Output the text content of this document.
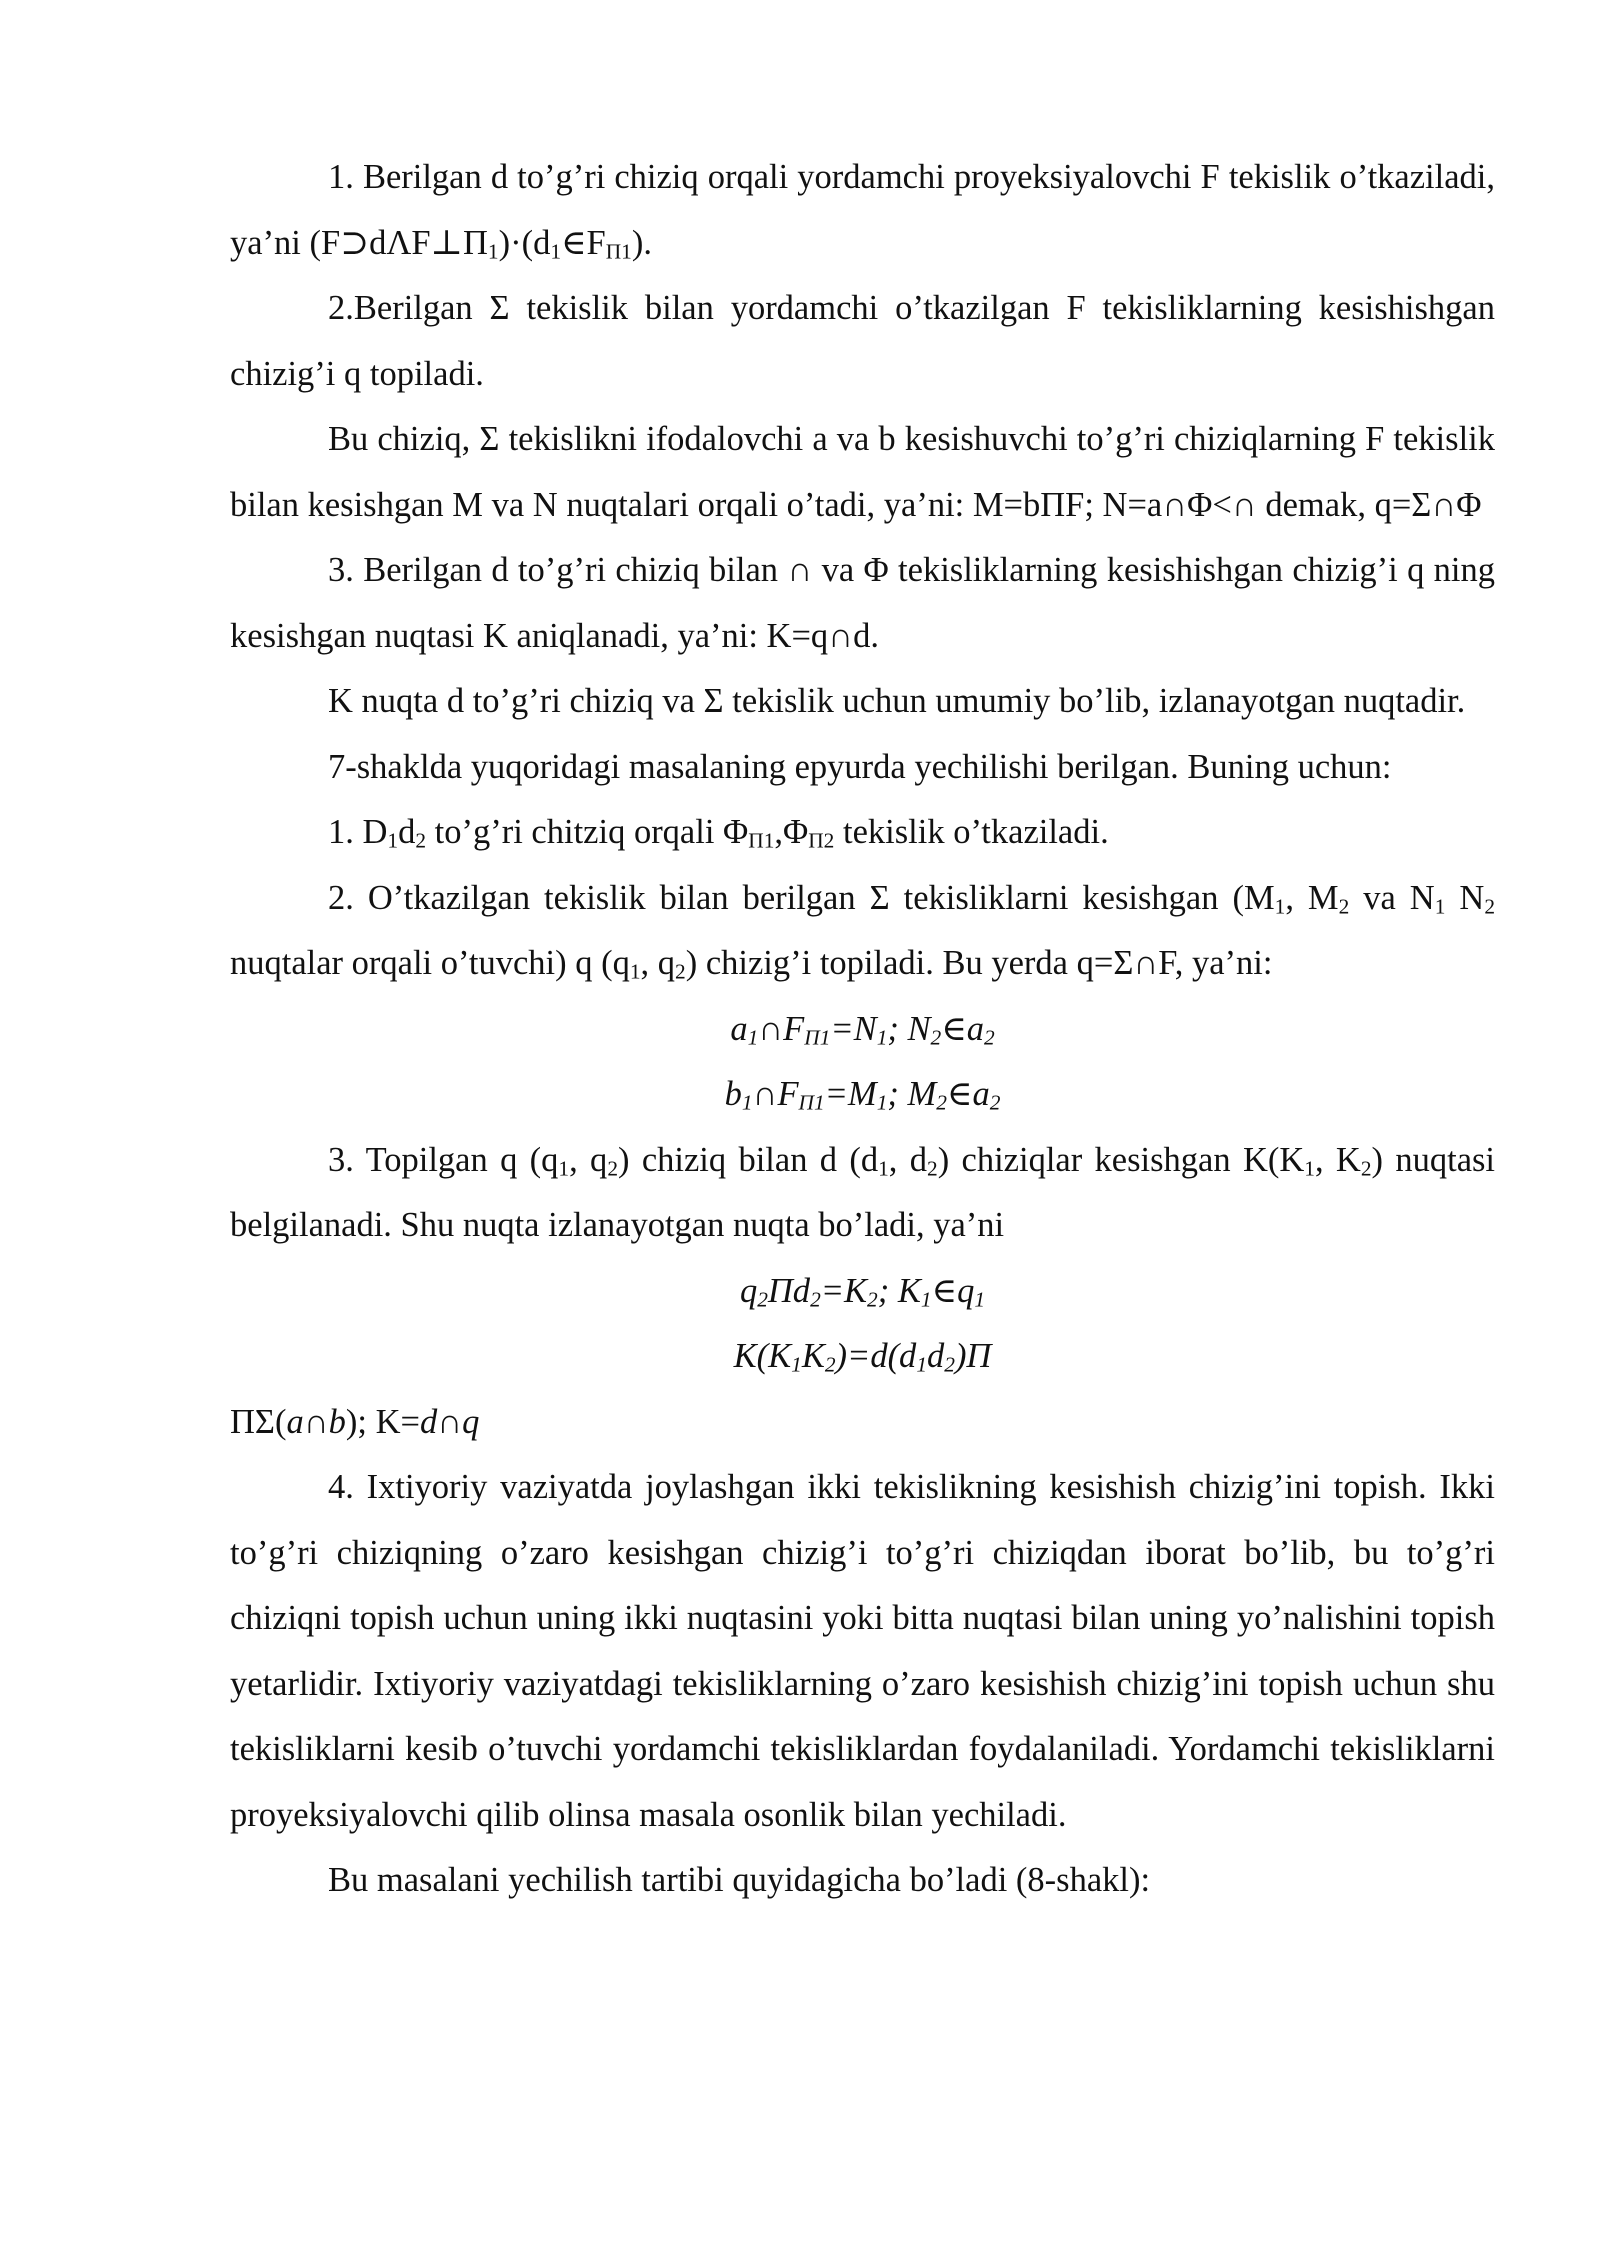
1. Berilgan d to’g’ri chiziq orqali yordamchi proyeksiyalovchi F tekislik o’tkaziladi, ya’ni $(F⊃d\Lambda F\perp\Pi_1)\cdot(d_1\in F_{\Pi 1})$.

2.Berilgan Σ tekislik bilan yordamchi o’tkazilgan F tekisliklarning kesishishgan chizig’i q topiladi.

Bu chiziq, Σ tekislikni ifodalovchi a va b kesishuvchi to’g’ri chiziqlarning F tekislik bilan kesishgan M va N nuqtalari orqali o’tadi, ya’ni: M=bΠF; N=a∩Φ<∩ demak, q=Σ∩Φ

3. Berilgan d to’g’ri chiziq bilan ∩ va Φ tekisliklarning kesishishgan chizig’i q ning kesishgan nuqtasi K aniqlanadi, ya’ni: K=q∩d.

K nuqta d to’g’ri chiziq va Σ tekislik uchun umumiy bo’lib, izlanayotgan nuqtadir.

7-shaklda yuqoridagi masalaning epyurda yechilishi berilgan. Buning uchun:

1. $D_1d_2$ to’g’ri chitziq orqali $\Phi_{\Pi 1},\Phi_{\Pi 2}$ tekislik o’tkaziladi.

2. O’tkazilgan tekislik bilan berilgan Σ tekisliklarni kesishgan ($M_1$, $M_2$ va $N_1$ $N_2$ nuqtalar orqali o’tuvchi) q ($q_1$, $q_2$) chizig’i topiladi. Bu yerda q=Σ∩F, ya’ni:

$a_1\cap F_{\Pi 1}=N_1$; $N_2\in a_2$

$b_1\cap F_{\Pi 1}=M_1$; $M_2\in a_2$

3. Topilgan q ($q_1$, $q_2$) chiziq bilan d ($d_1$, $d_2$) chiziqlar kesishgan $K(K_1$, $K_2$) nuqtasi belgilanadi. Shu nuqta izlanayotgan nuqta bo’ladi, ya’ni

$q_2\Pi d_2=K_2$; $K_1\in q_1$

$K(K_1K_2)=d(d_1d_2)\Pi$

ΠΣ(a∩b); K=d∩q

4. Ixtiyoriy vaziyatda joylashgan ikki tekislikning kesishish chizig’ini topish. Ikki to’g’ri chiziqning o’zaro kesishgan chizig’i to’g’ri chiziqdan iborat bo’lib, bu to’g’ri chiziqni topish uchun uning ikki nuqtasini yoki bitta nuqtasi bilan uning yo’nalishini topish yetarlidir. Ixtiyoriy vaziyatdagi tekisliklarning o’zaro kesishish chizig’ini topish uchun shu tekisliklarni kesib o’tuvchi yordamchi tekisliklardan foydalaniladi. Yordamchi tekisliklarni proyeksiyalovchi qilib olinsa masala osonlik bilan yechiladi.

Bu masalani yechilish tartibi quyidagicha bo’ladi (8-shakl):
